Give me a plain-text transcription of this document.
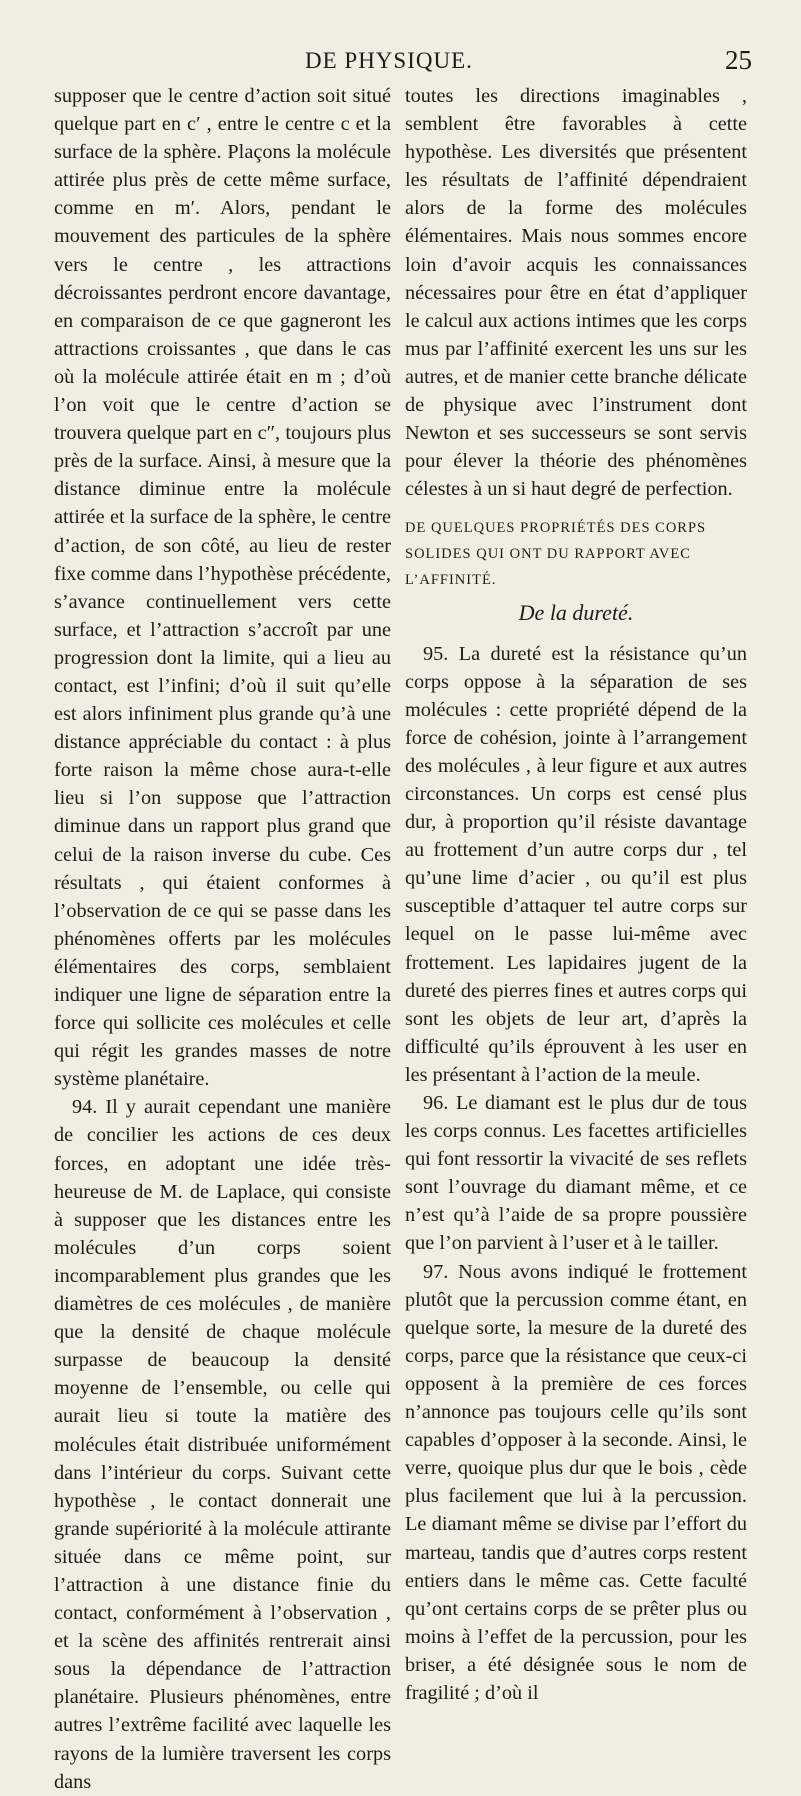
DE PHYSIQUE.	25

supposer que le centre d’action soit situé quelque part en c′ , entre le centre c et la surface de la sphère. Plaçons la molécule attirée plus près de cette même surface, comme en m′. Alors, pendant le mouvement des particules de la sphère vers le centre , les attractions décroissantes perdront encore davantage, en comparaison de ce que gagneront les attractions croissantes , que dans le cas où la molécule attirée était en m ; d’où l’on voit que le centre d’action se trouvera quelque part en c″, toujours plus près de la surface. Ainsi, à mesure que la distance diminue entre la molécule attirée et la surface de la sphère, le centre d’action, de son côté, au lieu de rester fixe comme dans l’hypothèse précédente, s’avance continuellement vers cette surface, et l’attraction s’accroît par une progression dont la limite, qui a lieu au contact, est l’infini; d’où il suit qu’elle est alors infiniment plus grande qu’à une distance appréciable du contact : à plus forte raison la même chose aura-t-elle lieu si l’on suppose que l’attraction diminue dans un rapport plus grand que celui de la raison inverse du cube. Ces résultats , qui étaient conformes à l’observation de ce qui se passe dans les phénomènes offerts par les molécules élémentaires des corps, semblaient indiquer une ligne de séparation entre la force qui sollicite ces molécules et celle qui régit les grandes masses de notre système planétaire.

94. Il y aurait cependant une manière de concilier les actions de ces deux forces, en adoptant une idée très-heureuse de M. de Laplace, qui consiste à supposer que les distances entre les molécules d’un corps soient incomparablement plus grandes que les diamètres de ces molécules , de manière que la densité de chaque molécule surpasse de beaucoup la densité moyenne de l’ensemble, ou celle qui aurait lieu si toute la matière des molécules était distribuée uniformément dans l’intérieur du corps. Suivant cette hypothèse , le contact donnerait une grande supériorité à la molécule attirante située dans ce même point, sur l’attraction à une distance finie du contact, conformément à l’observation , et la scène des affinités rentrerait ainsi sous la dépendance de l’attraction planétaire. Plusieurs phénomènes, entre autres l’extrême facilité avec laquelle les rayons de la lumière traversent les corps dans

toutes les directions imaginables , semblent être favorables à cette hypothèse. Les diversités que présentent les résultats de l’affinité dépendraient alors de la forme des molécules élémentaires. Mais nous sommes encore loin d’avoir acquis les connaissances nécessaires pour être en état d’appliquer le calcul aux actions intimes que les corps mus par l’affinité exercent les uns sur les autres, et de manier cette branche délicate de physique avec l’instrument dont Newton et ses successeurs se sont servis pour élever la théorie des phénomènes célestes à un si haut degré de perfection.

DE QUELQUES PROPRIÉTÉS DES CORPS SOLIDES QUI ONT DU RAPPORT AVEC L’AFFINITÉ.
De la dureté.

95. La dureté est la résistance qu’un corps oppose à la séparation de ses molécules : cette propriété dépend de la force de cohésion, jointe à l’arrangement des molécules , à leur figure et aux autres circonstances. Un corps est censé plus dur, à proportion qu’il résiste davantage au frottement d’un autre corps dur , tel qu’une lime d’acier , ou qu’il est plus susceptible d’attaquer tel autre corps sur lequel on le passe lui-même avec frottement. Les lapidaires jugent de la dureté des pierres fines et autres corps qui sont les objets de leur art, d’après la difficulté qu’ils éprouvent à les user en les présentant à l’action de la meule.

96. Le diamant est le plus dur de tous les corps connus. Les facettes artificielles qui font ressortir la vivacité de ses reflets sont l’ouvrage du diamant même, et ce n’est qu’à l’aide de sa propre poussière que l’on parvient à l’user et à le tailler.

97. Nous avons indiqué le frottement plutôt que la percussion comme étant, en quelque sorte, la mesure de la dureté des corps, parce que la résistance que ceux-ci opposent à la première de ces forces n’annonce pas toujours celle qu’ils sont capables d’opposer à la seconde. Ainsi, le verre, quoique plus dur que le bois , cède plus facilement que lui à la percussion. Le diamant même se divise par l’effort du marteau, tandis que d’autres corps restent entiers dans le même cas. Cette faculté qu’ont certains corps de se prêter plus ou moins à l’effet de la percussion, pour les briser, a été désignée sous le nom de fragilité ; d’où il
